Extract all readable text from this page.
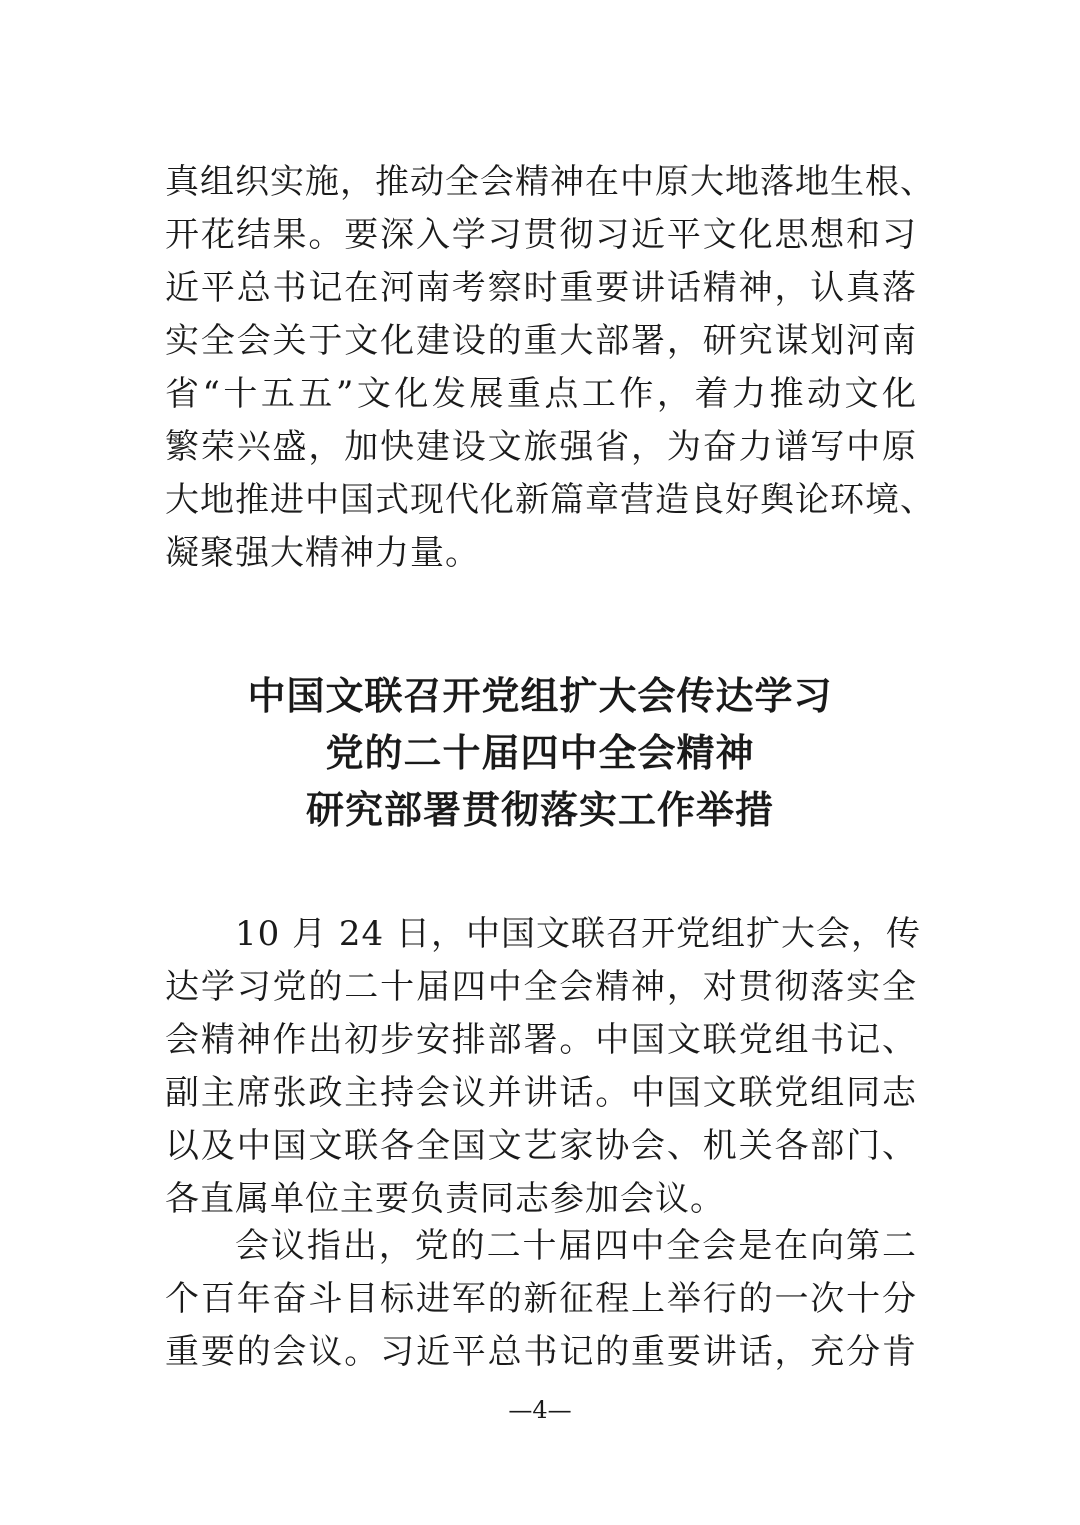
真组织实施，推动全会精神在中原大地落地生根、
开花结果。要深入学习贯彻习近平文化思想和习
近平总书记在河南考察时重要讲话精神，认真落
实全会关于文化建设的重大部署，研究谋划河南
省“十五五”文化发展重点工作，着力推动文化
繁荣兴盛，加快建设文旅强省，为奋力谱写中原
大地推进中国式现代化新篇章营造良好舆论环境、
凝聚强大精神力量。
中国文联召开党组扩大会传达学习
党的二十届四中全会精神
研究部署贯彻落实工作举措
10 月 24 日，中国文联召开党组扩大会，传
达学习党的二十届四中全会精神，对贯彻落实全
会精神作出初步安排部署。中国文联党组书记、
副主席张政主持会议并讲话。中国文联党组同志
以及中国文联各全国文艺家协会、机关各部门、
各直属单位主要负责同志参加会议。
会议指出，党的二十届四中全会是在向第二
个百年奋斗目标进军的新征程上举行的一次十分
重要的会议。习近平总书记的重要讲话，充分肯
—4—
